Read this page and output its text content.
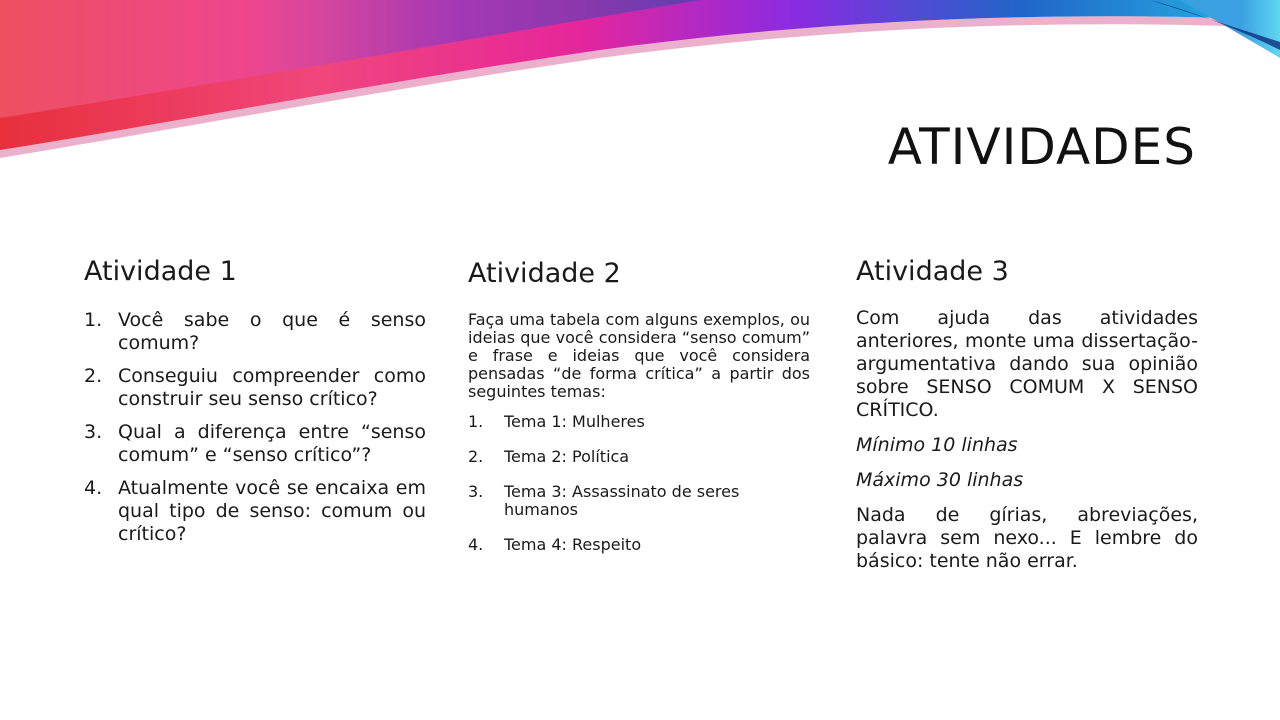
ATIVIDADES
Atividade 1
1. Você sabe o que é senso comum?
2. Conseguiu compreender como construir seu senso crítico?
3. Qual a diferença entre “senso comum” e “senso crítico”?
4. Atualmente você se encaixa em qual tipo de senso: comum ou crítico?
Atividade 2

Faça uma tabela com alguns exemplos, ou ideias que você considera “senso comum” e frase e ideias que você considera pensadas “de forma crítica” a partir dos seguintes temas:

1. Tema 1: Mulheres
2. Tema 2: Política
3. Tema 3: Assassinato de seres humanos
4. Tema 4: Respeito
Atividade 3

Com ajuda das atividades anteriores, monte uma dissertação-argumentativa dando sua opinião sobre SENSO COMUM X SENSO CRÍTICO.

Mínimo 10 linhas

Máximo 30 linhas

Nada de gírias, abreviações, palavra sem nexo... E lembre do básico: tente não errar.
